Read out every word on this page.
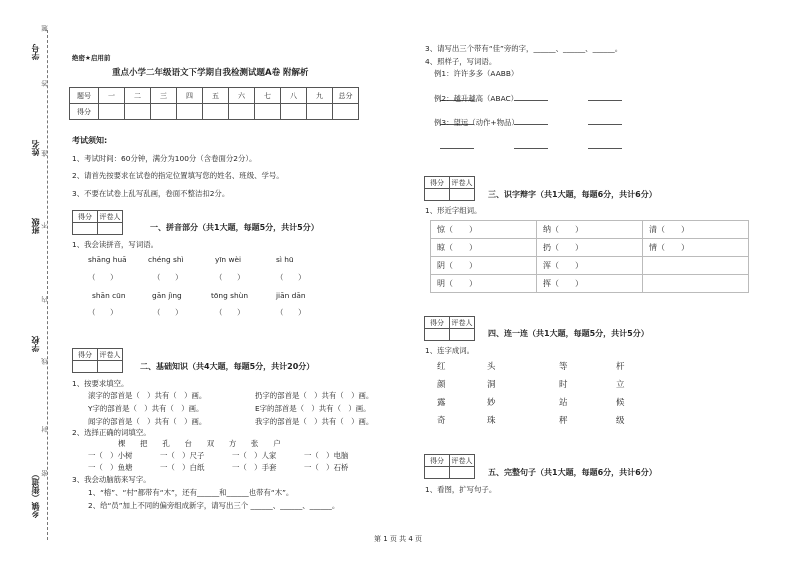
学号
姓名
班级
学校
乡镇（街道）
题
答
准
不
内
线
封
密
绝密★启用前
重点小学二年级语文下学期自我检测试题A卷 附解析
题号	一	二	三	四	五	六	七	八	九	总分
得分										
考试须知:
1、考试时间：60分钟，满分为100分（含卷面分2分）。
2、请首先按要求在试卷的指定位置填写您的姓名、班级、学号。
3、不要在试卷上乱写乱画，卷面不整洁扣2分。
得分	评卷人

一、拼音部分（共1大题，每题5分，共计5分）
1、我会读拼音，写词语。
shāng huā	chéng shì	yīn wèi	sì hū
（　　）	（　　）	（　　）	（　　）
shān cūn	gān jìng	tōng shùn	jiān dān
（　　）	（　　）	（　　）	（　　）
得分	评卷人

二、基础知识（共4大题，每题5分，共计20分）
1、按要求填空。
滚字的部首是（　）共有（　）画。	扔字的部首是（　）共有（　）画。
Y字的部首是（　）共有（　）画。	E字的部首是（　）共有（　）画。
闻字的部首是（　）共有（　）画。	我字的部首是（　）共有（　）画。
2、选择正确的词填空。
棵　　把　　孔　　台　　双　　方　　张　　户
一（　）小树	一（　）尺子	一（　）人家	一（　）电脑
一（　）鱼塘	一（　）白纸	一（　）手套	一（　）石桥
3、我会动脑筋来写字。
1、“榕”、“村”都带有“木”，还有______和______也带有“木”。
2、给“员”加上不同的偏旁组成新字，请写出三个 ______、______、______。
3、请写出三个带有“佳”旁的字，______、______、______。
4、照样子，写词语。
例1：许许多多（AABB）
例2：越升越高（ABAC）
例3：望远（动作+物品）
得分	评卷人

三、识字辩字（共1大题，每题6分，共计6分）
1、形近字组词。
惊（　　）	纳（　　）	清（　　）
晾（　　）	扔（　　）	情（　　）
阴（　　）	浑（　　）	
明（　　）	挥（　　）	
得分	评卷人

四、连一连（共1大题，每题5分，共计5分）
1、连字成词。
红	头	等	杆
颜	洞	时	立
露	妙	站	候
奇	珠	秤	级
得分	评卷人

五、完整句子（共1大题，每题6分，共计6分）
1、看图，扩写句子。
第 1 页 共 4 页
